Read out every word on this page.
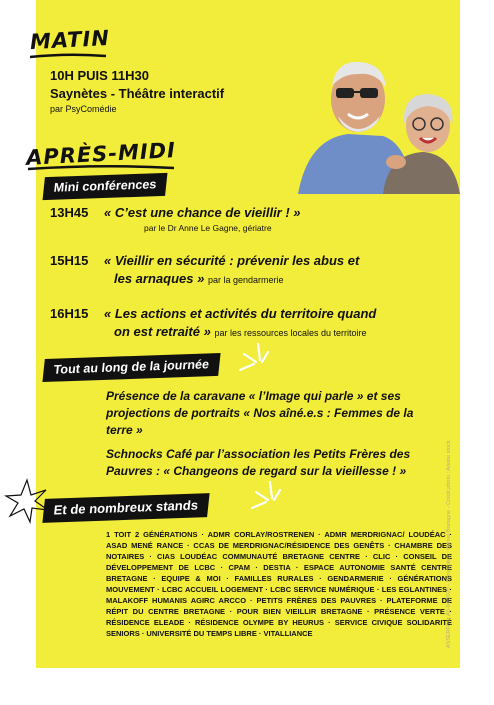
MATIN
10H PUIS 11H30
Saynètes - Théâtre interactif
par PsyComédie
APRÈS-MIDI
Mini conférences
13H45 « C’est une chance de vieillir ! »
par le Dr Anne Le Gagne, gériatre
15H15 « Vieillir en sécurité : prévenir les abus et
les arnaques » par la gendarmerie
16H15 « Les actions et activités du territoire quand
on est retraité » par les ressources locales du territoire
Tout au long de la journée
Présence de la caravane « l’Image qui parle » et ses
projections de portraits « Nos aîné.e.s : Femmes de la
terre »
Schnocks Café par l’association les Petits Frères des
Pauvres : « Changeons de regard sur la vieillesse ! »
Et de nombreux stands
1 TOIT 2 GÉNÉRATIONS · ADMR CORLAY/ROSTRENEN · ADMR MERDRIGNAC/ LOUDÉAC · ASAD MENÉ RANCE · CCAS DE MERDRIGNAC/RÉSIDENCE DES GENÊTS · CHAMBRE DES NOTAIRES · CIAS LOUDÉAC COMMUNAUTÉ BRETAGNE CENTRE · CLIC · CONSEIL DE DÉVELOPPEMENT DE LCBC · CPAM · DESTIA · ESPACE AUTONOMIE SANTÉ CENTRE BRETAGNE · EQUIPE & MOI · FAMILLES RURALES · GENDARMERIE · GÉNÉRATIONS MOUVEMENT · LCBC ACCUEIL LOGEMENT · LCBC SERVICE NUMÉRIQUE · LES EGLANTINES · MALAKOFF HUMANIS AGIRC ARCCO · PETITS FRÈRES DES PAUVRES · PLATEFORME DE RÉPIT DU CENTRE BRETAGNE · POUR BIEN VIEILLIR BRETAGNE · PRÉSENCE VERTE · RÉSIDENCE ELEADE · RÉSIDENCE OLYMPE BY HEURUS · SERVICE CIVIQUE SOLIDARITÉ SENIORS · UNIVERSITÉ DU TEMPS LIBRE · VITALLIANCE	ASSERFlyer A5-04-2025 - Conception : Carsat Bretagne - Crédit photo : Adobe stock
